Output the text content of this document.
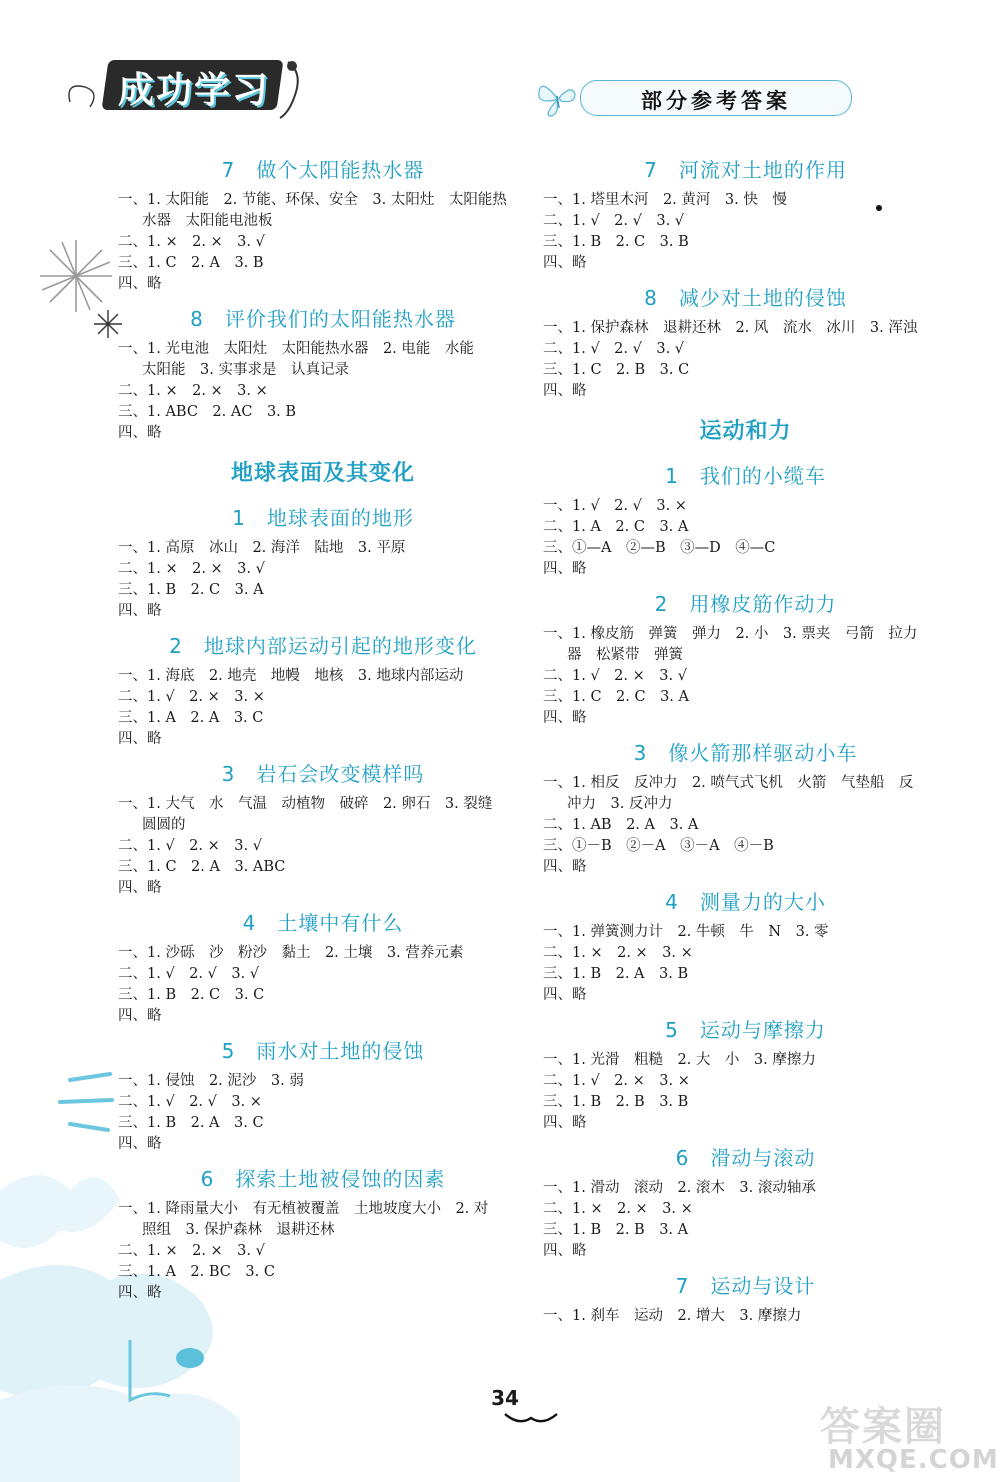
成功学习	部分参考答案
7　做个太阳能热水器
一、1. 太阳能　2. 节能、环保、安全　3. 太阳灶　太阳能热
水器　太阳能电池板
二、1. ×　2. ×　3. √
三、1. C　2. A　3. B
四、略
8　评价我们的太阳能热水器
一、1. 光电池　太阳灶　太阳能热水器　2. 电能　水能
太阳能　3. 实事求是　认真记录
二、1. ×　2. ×　3. ×
三、1. ABC　2. AC　3. B
四、略
地球表面及其变化
1　地球表面的地形
一、1. 高原　冰山　2. 海洋　陆地　3. 平原
二、1. ×　2. ×　3. √
三、1. B　2. C　3. A
四、略
2　地球内部运动引起的地形变化
一、1. 海底　2. 地壳　地幔　地核　3. 地球内部运动
二、1. √　2. ×　3. ×
三、1. A　2. A　3. C
四、略
3　岩石会改变模样吗
一、1. 大气　水　气温　动植物　破碎　2. 卵石　3. 裂缝
圆圆的
二、1. √　2. ×　3. √
三、1. C　2. A　3. ABC
四、略
4　土壤中有什么
一、1. 沙砾　沙　粉沙　黏土　2. 土壤　3. 营养元素
二、1. √　2. √　3. √
三、1. B　2. C　3. C
四、略
5　雨水对土地的侵蚀
一、1. 侵蚀　2. 泥沙　3. 弱
二、1. √　2. √　3. ×
三、1. B　2. A　3. C
四、略
6　探索土地被侵蚀的因素
一、1. 降雨量大小　有无植被覆盖　土地坡度大小　2. 对
照组　3. 保护森林　退耕还林
二、1. ×　2. ×　3. √
三、1. A　2. BC　3. C
四、略
7　河流对土地的作用
一、1. 塔里木河　2. 黄河　3. 快　慢
二、1. √　2. √　3. √
三、1. B　2. C　3. B
四、略
8　减少对土地的侵蚀
一、1. 保护森林　退耕还林　2. 风　流水　冰川　3. 浑浊
二、1. √　2. √　3. √
三、1. C　2. B　3. C
四、略
运动和力
1　我们的小缆车
一、1. √　2. √　3. ×
二、1. A　2. C　3. A
三、①—A　②—B　③—D　④—C
四、略
2　用橡皮筋作动力
一、1. 橡皮筋　弹簧　弹力　2. 小　3. 票夹　弓箭　拉力
器　松紧带　弹簧
二、1. √　2. ×　3. √
三、1. C　2. C　3. A
四、略
3　像火箭那样驱动小车
一、1. 相反　反冲力　2. 喷气式飞机　火箭　气垫船　反
冲力　3. 反冲力
二、1. AB　2. A　3. A
三、①－B　②－A　③－A　④－B
四、略
4　测量力的大小
一、1. 弹簧测力计　2. 牛顿　牛　N　3. 零
二、1. ×　2. ×　3. ×
三、1. B　2. A　3. B
四、略
5　运动与摩擦力
一、1. 光滑　粗糙　2. 大　小　3. 摩擦力
二、1. √　2. ×　3. ×
三、1. B　2. B　3. B
四、略
6　滑动与滚动
一、1. 滑动　滚动　2. 滚木　3. 滚动轴承
二、1. ×　2. ×　3. ×
三、1. B　2. B　3. A
四、略
7　运动与设计
一、1. 刹车　运动　2. 增大　3. 摩擦力
34
答案圈
MXQE.COM
